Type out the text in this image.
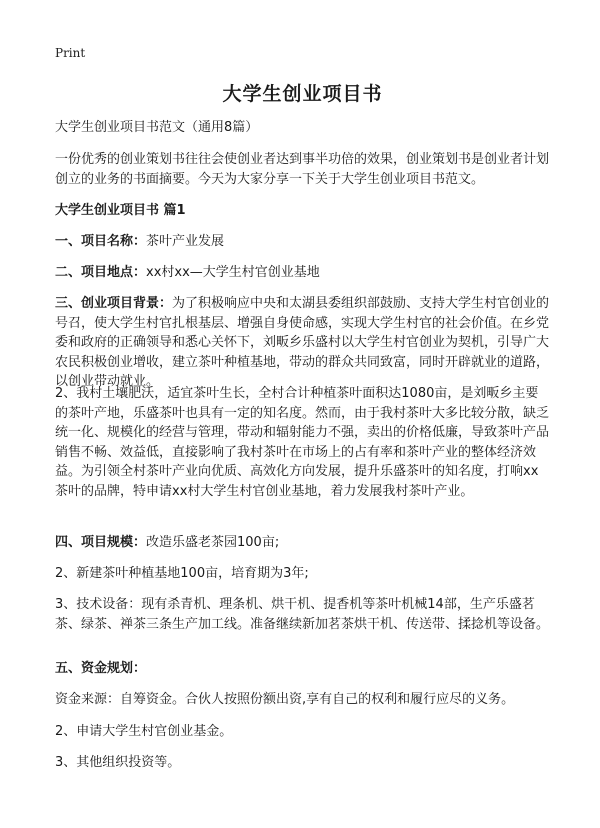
Print
大学生创业项目书

大学生创业项目书范文（通用8篇）

一份优秀的创业策划书往往会使创业者达到事半功倍的效果，创业策划书是创业者计划创立的业务的书面摘要。今天为大家分享一下关于大学生创业项目书范文。

大学生创业项目书 篇1

一、项目名称：茶叶产业发展

二、项目地点：xx村xx—大学生村官创业基地

三、创业项目背景：为了积极响应中央和太湖县委组织部鼓励、支持大学生村官创业的号召，使大学生村官扎根基层、增强自身使命感，实现大学生村官的社会价值。在乡党委和政府的正确领导和悉心关怀下，刘畈乡乐盛村以大学生村官创业为契机，引导广大农民积极创业增收，建立茶叶种植基地，带动的群众共同致富，同时开辟就业的道路，以创业带动就业。

2、我村土壤肥沃，适宜茶叶生长，全村合计种植茶叶面积达1080亩，是刘畈乡主要的茶叶产地，乐盛茶叶也具有一定的知名度。然而，由于我村茶叶大多比较分散，缺乏统一化、规模化的经营与管理，带动和辐射能力不强，卖出的价格低廉，导致茶叶产品销售不畅、效益低，直接影响了我村茶叶在市场上的占有率和茶叶产业的整体经济效益。为引领全村茶叶产业向优质、高效化方向发展，提升乐盛茶叶的知名度，打响xx茶叶的品牌，特申请xx村大学生村官创业基地，着力发展我村茶叶产业。

四、项目规模：改造乐盛老茶园100亩;

2、新建茶叶种植基地100亩，培育期为3年;

3、技术设备：现有杀青机、理条机、烘干机、提香机等茶叶机械14部，生产乐盛茗茶、绿茶、禅茶三条生产加工线。准备继续新加茗茶烘干机、传送带、揉捻机等设备。

五、资金规划：

资金来源：自筹资金。合伙人按照份额出资,享有自己的权利和履行应尽的义务。

2、申请大学生村官创业基金。

3、其他组织投资等。
